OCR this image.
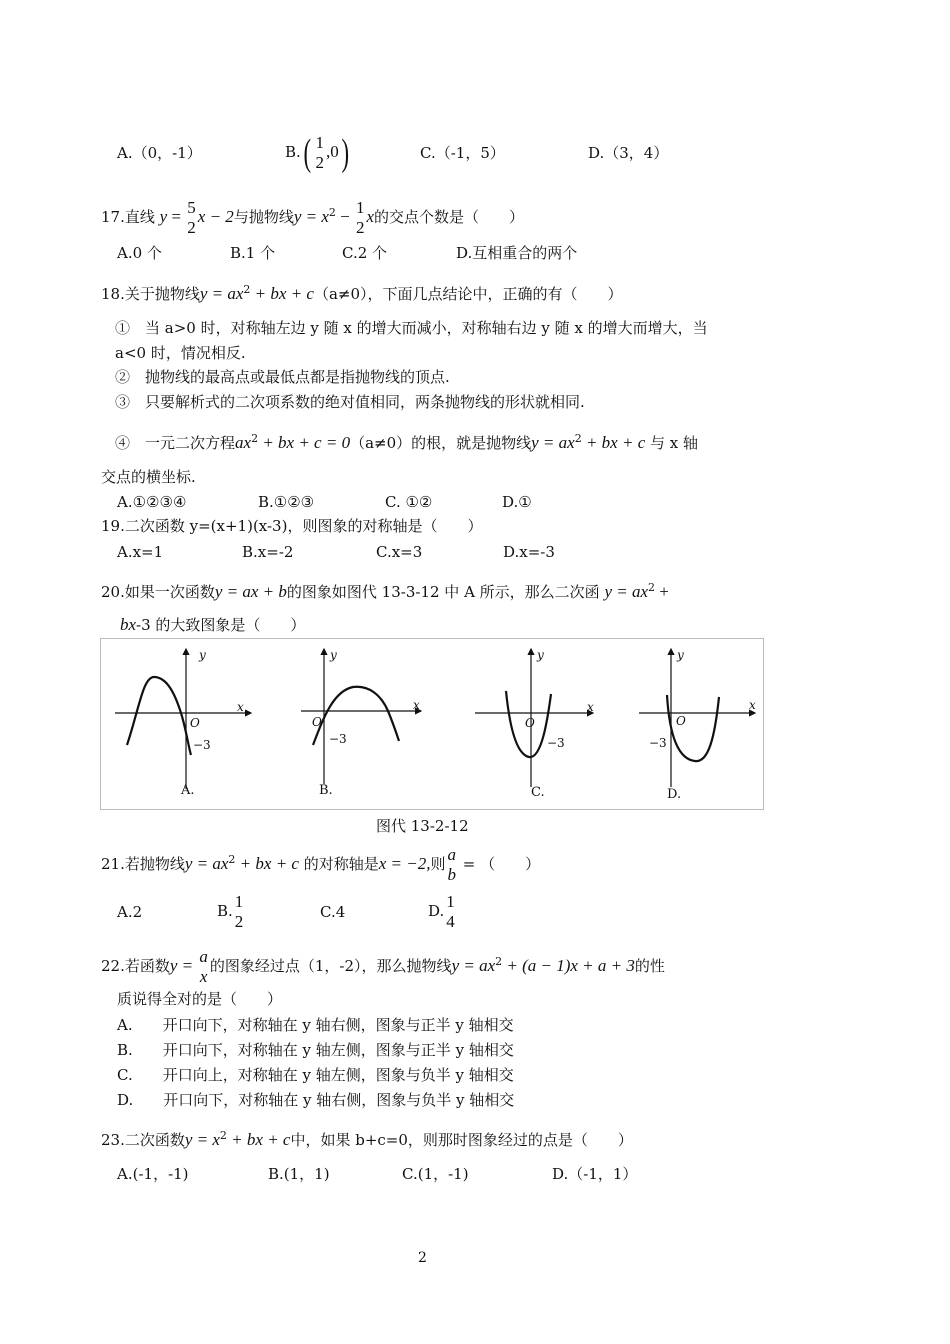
A.（0，-1）	B.( 1
2
,0)	C.（-1，5）	D.（3，4）
17.直线 y = 5
2
x − 2与抛物线$y = x^2 - 1$
2
x的交点个数是（　　）
A.0 个	B.1 个	C.2 个	D.互相重合的两个
18.关于抛物线$y = ax^2$ + bx + c（a≠0），下面几点结论中，正确的有（　　）
①　当 a>0 时，对称轴左边 y 随 x 的增大而减小，对称轴右边 y 随 x 的增大而增大，当
a<0 时，情况相反.
②　抛物线的最高点或最低点都是指抛物线的顶点.
③　只要解析式的二次项系数的绝对值相同，两条抛物线的形状就相同.
④　一元二次方程$ax^2$ + bx + c = 0（a≠0）的根，就是抛物线$y = ax^2$ + bx + c 与 x 轴
交点的横坐标.
A.①②③④	B.①②③	C. ①②	D.①
19.二次函数 y=(x+1)(x-3)，则图象的对称轴是（　　）
A.x=1	B.x=-2	C.x=3	D.x=-3
20.如果一次函数y = ax + b的图象如图代 13-3-12 中 A 所示，那么二次函 $y = ax^2$ +
bx-3 的大致图象是（　　）
y
x
O
−3
A.
y
x
O
−3
B.
y
x
O
−3
C.
y
x
O
−3
D.
图代 13-2-12
21.若抛物线$y = ax^2$ + bx + c 的对称轴是x = −2,则 a
b
= （　　）
A.2	B. 1
2	C.4	D. 1
4
22.若函数y = a
x
的图象经过点（1，-2），那么抛物线$y = ax^2 + (a - 1)x + a + 3$的性
质说得全对的是（　　）
A.　　开口向下，对称轴在 y 轴右侧，图象与正半 y 轴相交
B.　　开口向下，对称轴在 y 轴左侧，图象与正半 y 轴相交
C.　　开口向上，对称轴在 y 轴左侧，图象与负半 y 轴相交
D.　　开口向下，对称轴在 y 轴右侧，图象与负半 y 轴相交
23.二次函数$y = x^2$ + bx + c中，如果 b+c=0，则那时图象经过的点是（　　）
A.(-1，-1)	B.(1，1)	C.(1，-1)	D.（-1，1）
2
